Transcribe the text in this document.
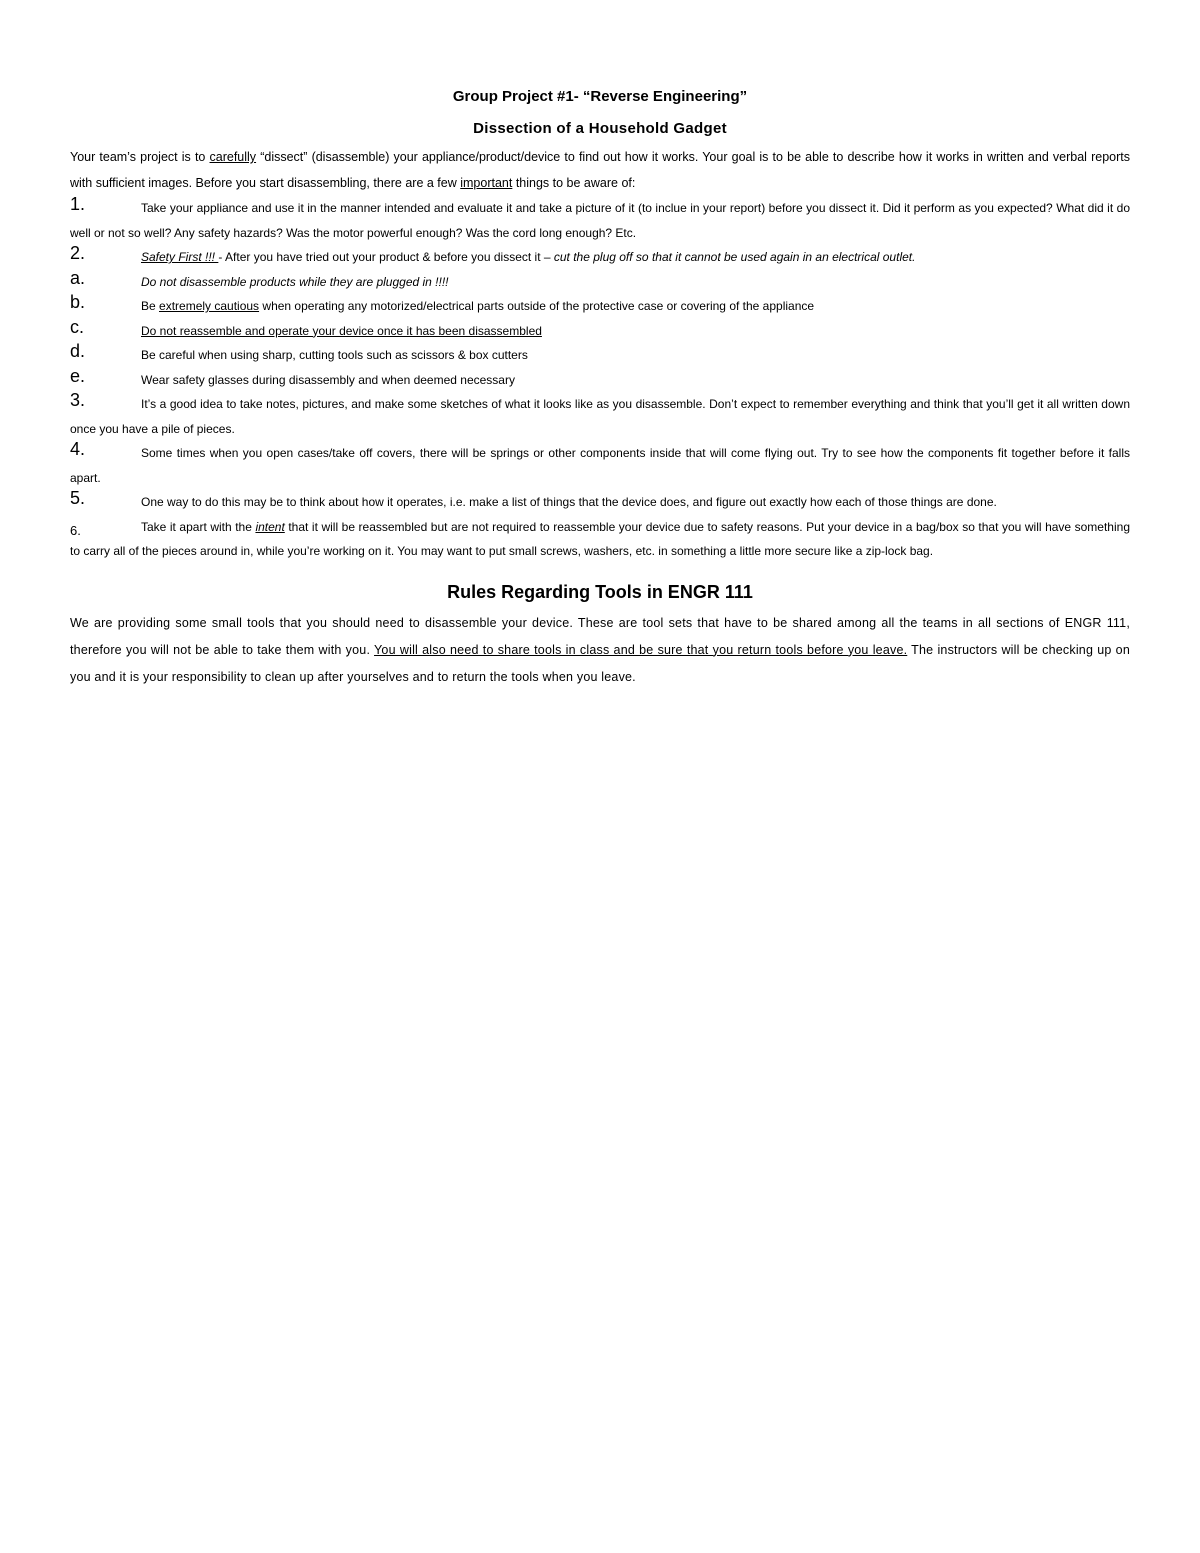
Group Project #1- “Reverse Engineering”
Dissection of a Household Gadget

Your team’s project is to carefully “dissect” (disassemble) your appliance/product/device to find out how it works. Your goal is to be able to describe how it works in written and verbal reports with sufficient images. Before you start disassembling, there are a few important things to be aware of:

1.	Take your appliance and use it in the manner intended and evaluate it and take a picture of it (to inclue in your report) before you dissect it. Did it perform as you expected? What did it do well or not so well? Any safety hazards? Was the motor powerful enough? Was the cord long enough? Etc.
2.	Safety First !!! - After you have tried out your product & before you dissect it – cut the plug off so that it cannot be used again in an electrical outlet.
a.	Do not disassemble products while they are plugged in !!!!
b.	Be extremely cautious when operating any motorized/electrical parts outside of the protective case or covering of the appliance
c.	Do not reassemble and operate your device once it has been disassembled
d.	Be careful when using sharp, cutting tools such as scissors & box cutters
e.	Wear safety glasses during disassembly and when deemed necessary
3.	It’s a good idea to take notes, pictures, and make some sketches of what it looks like as you disassemble. Don’t expect to remember everything and think that you’ll get it all written down once you have a pile of pieces.
4.	Some times when you open cases/take off covers, there will be springs or other components inside that will come flying out. Try to see how the components fit together before it falls apart.
5.	One way to do this may be to think about how it operates, i.e. make a list of things that the device does, and figure out exactly how each of those things are done.
6.	Take it apart with the intent that it will be reassembled but are not required to reassemble your device due to safety reasons. Put your device in a bag/box so that you will have something to carry all of the pieces around in, while you’re working on it. You may want to put small screws, washers, etc. in something a little more secure like a zip-lock bag.
Rules Regarding Tools in ENGR 111

We are providing some small tools that you should need to disassemble your device. These are tool sets that have to be shared among all the teams in all sections of ENGR 111, therefore you will not be able to take them with you. You will also need to share tools in class and be sure that you return tools before you leave. The instructors will be checking up on you and it is your responsibility to clean up after yourselves and to return the tools when you leave.
